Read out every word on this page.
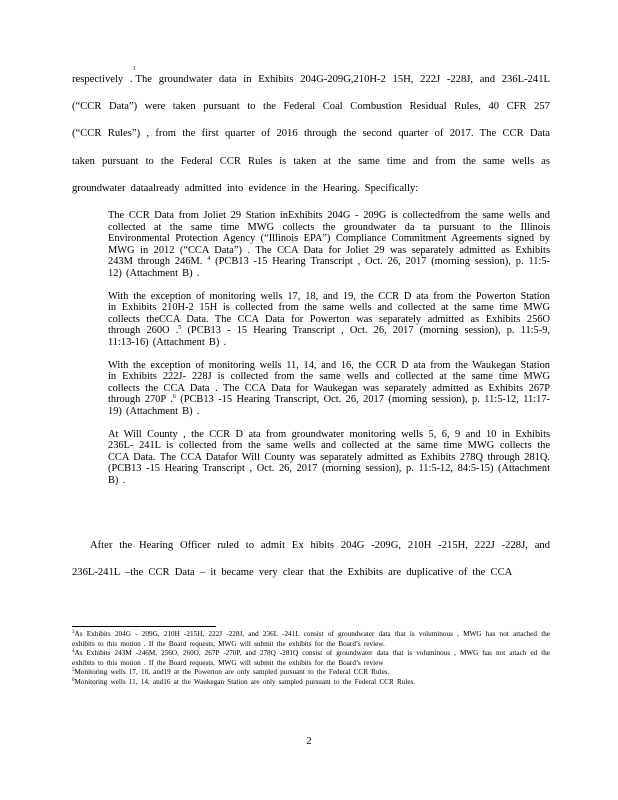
respectively .$^3$The groundwater data in Exhibits 204G-209G,210H-2 15H, 222J -228J, and 236L-241L (“CCR Data”) were taken pursuant to the Federal Coal Combustion Residual Rules, 40 CFR 257 (“CCR Rules”) , from the first quarter of 2016 through the second quarter of 2017. The CCR Data taken pursuant to the Federal CCR Rules is taken at the same time and from the same wells as groundwater dataalready admitted into evidence in the Hearing. Specifically:
The CCR Data from Joliet 29 Station inExhibits 204G - 209G is collectedfrom the same wells and collected at the same time MWG collects the groundwater da ta pursuant to the Illinois Environmental Protection Agency (“Illinois EPA”) Compliance Commitment Agreements signed by MWG in 2012 (“CCA Data”) . The CCA Data for Joliet 29 was separately admitted as Exhibits 243M through 246M. $^4$ (PCB13 -15 Hearing Transcript , Oct. 26, 2017 (morning session), p. 11:5-12) (Attachment B) .
With the exception of monitoring wells 17, 18, and 19, the CCR D ata from the Powerton Station in Exhibits 210H-2 15H is collected from the same wells and collected at the same time MWG collects theCCA Data. The CCA Data for Powerton was separately admitted as Exhibits 256O through 260O .$^5$ (PCB13 - 15 Hearing Transcript , Oct. 26, 2017 (morning session), p. 11:5-9, 11:13-16) (Attachment B) .
With the exception of monitoring wells 11, 14, and 16, the CCR D ata from the Waukegan Station in Exhibits 222J- 228J is collected from the same wells and collected at the same time MWG collects the CCA Data . The CCA Data for Waukegan was separately admitted as Exhibits 267P through 270P .$^6$ (PCB13 -15 Hearing Transcript, Oct. 26, 2017 (morning session), p. 11:5-12, 11:17-19) (Attachment B) .
At Will County , the CCR D ata from groundwater monitoring wells 5, 6, 9 and 10 in Exhibits 236L- 241L is collected from the same wells and collected at the same time MWG collects the CCA Data. The CCA Datafor Will County was separately admitted as Exhibits 278Q through 281Q. (PCB13 -15 Hearing Transcript , Oct. 26, 2017 (morning session), p. 11:5-12, 84:5-15) (Attachment B) .
After the Hearing Officer ruled to admit Ex hibits 204G -209G, 210H -215H, 222J -228J, and 236L-241L –the CCR Data – it became very clear that the Exhibits are duplicative of the CCA
$^3$As Exhibits 204G - 209G, 210H -215H, 222J -228J, and 236L -241L consist of groundwater data that is voluminous , MWG has not attached the exhibits to this motion . If the Board requests, MWG will submit the exhibits for the Board’s review.
$^4$As Exhibits 243M -246M, 256O, 260O, 267P -270P, and 278Q -281Q consist of groundwater data that is voluminous , MWG has not attach ed the exhibits to this motion . If the Board requests, MWG will submit the exhibits for the Board’s review
$^5$Monitoring wells 17, 18, and19 at the Powerton are only sampled pursuant to the Federal CCR Rules.
$^6$Monitoring wells 11, 14, and16 at the Waukegan Station are only sampled pursuant to the Federal CCR Rules.
2
